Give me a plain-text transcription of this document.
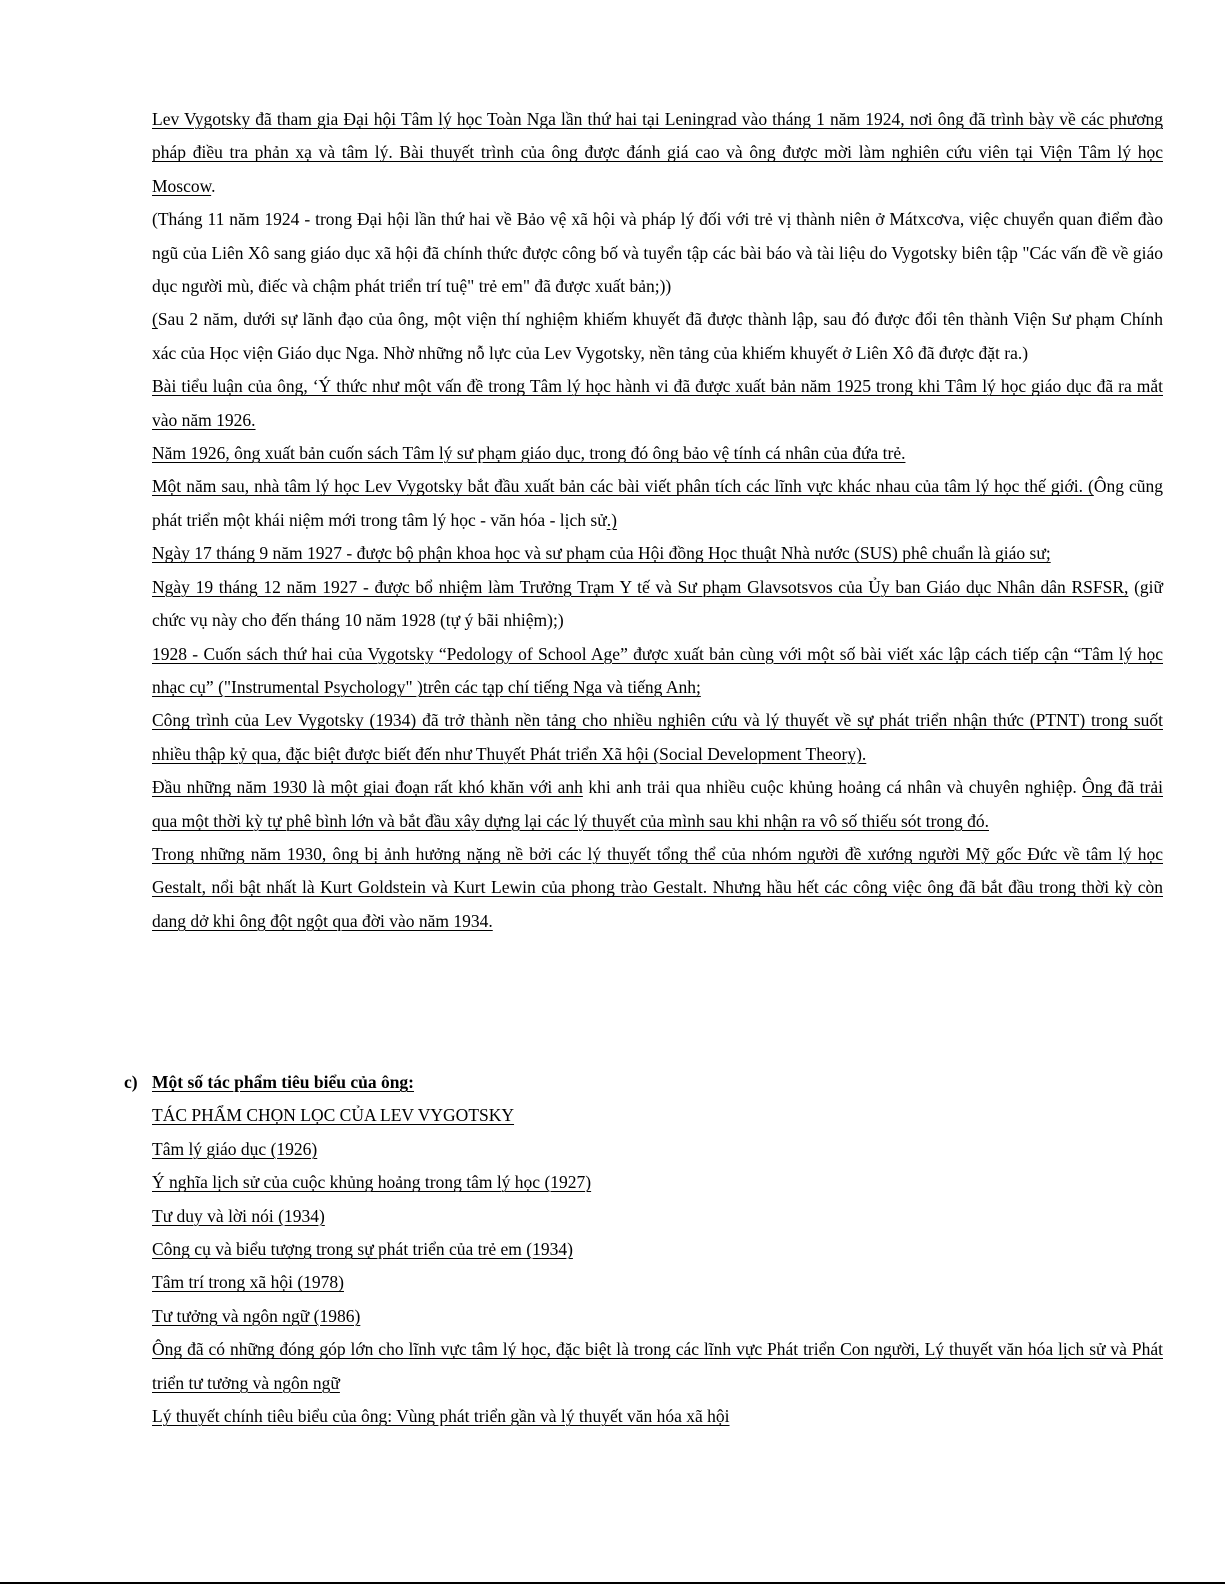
Lev Vygotsky đã tham gia Đại hội Tâm lý học Toàn Nga lần thứ hai tại Leningrad vào tháng 1 năm 1924, nơi ông đã trình bày về các phương pháp điều tra phản xạ và tâm lý. Bài thuyết trình của ông được đánh giá cao và ông được mời làm nghiên cứu viên tại Viện Tâm lý học Moscow.

(Tháng 11 năm 1924 - trong Đại hội lần thứ hai về Bảo vệ xã hội và pháp lý đối với trẻ vị thành niên ở Mátxcơva, việc chuyển quan điểm đào ngũ của Liên Xô sang giáo dục xã hội đã chính thức được công bố và tuyển tập các bài báo và tài liệu do Vygotsky biên tập "Các vấn đề về giáo dục người mù, điếc và chậm phát triển trí tuệ" trẻ em" đã được xuất bản;))

(Sau 2 năm, dưới sự lãnh đạo của ông, một viện thí nghiệm khiếm khuyết đã được thành lập, sau đó được đổi tên thành Viện Sư phạm Chính xác của Học viện Giáo dục Nga. Nhờ những nỗ lực của Lev Vygotsky, nền tảng của khiếm khuyết ở Liên Xô đã được đặt ra.)

Bài tiểu luận của ông, ‘Ý thức như một vấn đề trong Tâm lý học hành vi đã được xuất bản năm 1925 trong khi Tâm lý học giáo dục đã ra mắt vào năm 1926.

Năm 1926, ông xuất bản cuốn sách Tâm lý sư phạm giáo dục, trong đó ông bảo vệ tính cá nhân của đứa trẻ.

Một năm sau, nhà tâm lý học Lev Vygotsky bắt đầu xuất bản các bài viết phân tích các lĩnh vực khác nhau của tâm lý học thế giới. (Ông cũng phát triển một khái niệm mới trong tâm lý học - văn hóa - lịch sử.)

Ngày 17 tháng 9 năm 1927 - được bộ phận khoa học và sư phạm của Hội đồng Học thuật Nhà nước (SUS) phê chuẩn là giáo sư;

Ngày 19 tháng 12 năm 1927 - được bổ nhiệm làm Trưởng Trạm Y tế và Sư phạm Glavsotsvos của Ủy ban Giáo dục Nhân dân RSFSR, (giữ chức vụ này cho đến tháng 10 năm 1928 (tự ý bãi nhiệm);)

1928 - Cuốn sách thứ hai của Vygotsky “Pedology of School Age” được xuất bản cùng với một số bài viết xác lập cách tiếp cận “Tâm lý học nhạc cụ” ("Instrumental Psychology" )trên các tạp chí tiếng Nga và tiếng Anh;

Công trình của Lev Vygotsky (1934) đã trở thành nền tảng cho nhiều nghiên cứu và lý thuyết về sự phát triển nhận thức (PTNT) trong suốt nhiều thập kỷ qua, đặc biệt được biết đến như Thuyết Phát triển Xã hội (Social Development Theory).

Đầu những năm 1930 là một giai đoạn rất khó khăn với anh khi anh trải qua nhiều cuộc khủng hoảng cá nhân và chuyên nghiệp. Ông đã trải qua một thời kỳ tự phê bình lớn và bắt đầu xây dựng lại các lý thuyết của mình sau khi nhận ra vô số thiếu sót trong đó.

Trong những năm 1930, ông bị ảnh hưởng nặng nề bởi các lý thuyết tổng thể của nhóm người đề xướng người Mỹ gốc Đức về tâm lý học Gestalt, nổi bật nhất là Kurt Goldstein và Kurt Lewin của phong trào Gestalt. Nhưng hầu hết các công việc ông đã bắt đầu trong thời kỳ còn dang dở khi ông đột ngột qua đời vào năm 1934.

c) Một số tác phẩm tiêu biểu của ông:

TÁC PHẨM CHỌN LỌC CỦA LEV VYGOTSKY

Tâm lý giáo dục (1926)

Ý nghĩa lịch sử của cuộc khủng hoảng trong tâm lý học (1927)

Tư duy và lời nói (1934)

Công cụ và biểu tượng trong sự phát triển của trẻ em (1934)

Tâm trí trong xã hội (1978)

Tư tưởng và ngôn ngữ (1986)

Ông đã có những đóng góp lớn cho lĩnh vực tâm lý học, đặc biệt là trong các lĩnh vực Phát triển Con người, Lý thuyết văn hóa lịch sử và Phát triển tư tưởng và ngôn ngữ

Lý thuyết chính tiêu biểu của ông: Vùng phát triển gần và lý thuyết văn hóa xã hội
